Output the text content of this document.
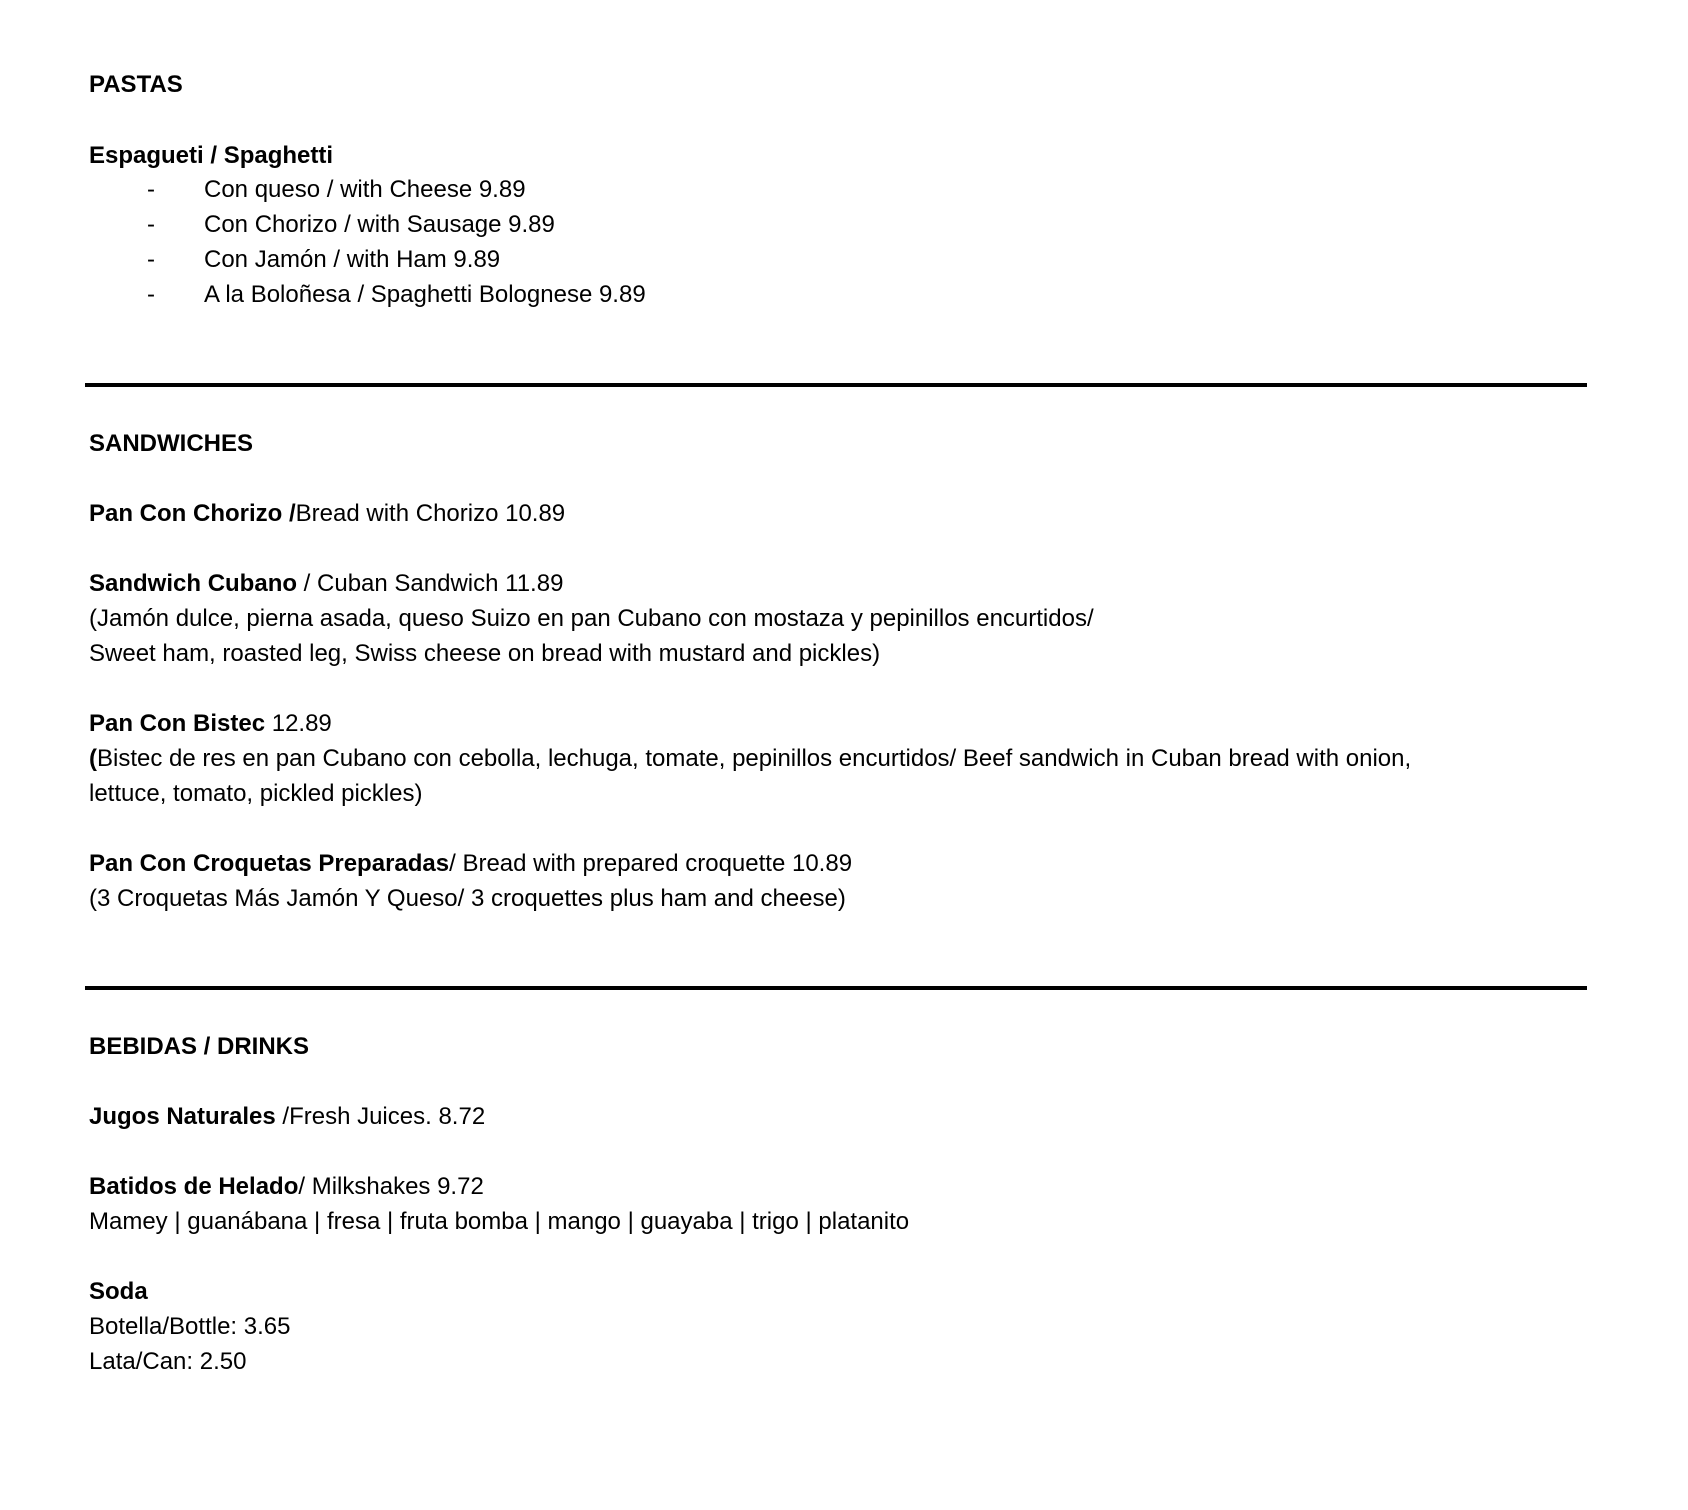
PASTAS
Espagueti / Spaghetti
- Con queso / with Cheese 9.89
- Con Chorizo / with Sausage 9.89
- Con Jamón / with Ham 9.89
- A la Boloñesa / Spaghetti Bolognese 9.89
SANDWICHES
Pan Con Chorizo /Bread with Chorizo 10.89
Sandwich Cubano / Cuban Sandwich 11.89
(Jamón dulce, pierna asada, queso Suizo en pan Cubano con mostaza y pepinillos encurtidos/
Sweet ham, roasted leg, Swiss cheese on bread with mustard and pickles)
Pan Con Bistec 12.89
(Bistec de res en pan Cubano con cebolla, lechuga, tomate, pepinillos encurtidos/ Beef sandwich in Cuban bread with onion,
lettuce, tomato, pickled pickles)
Pan Con Croquetas Preparadas/ Bread with prepared croquette 10.89
(3 Croquetas Más Jamón Y Queso/ 3 croquettes plus ham and cheese)
BEBIDAS / DRINKS
Jugos Naturales /Fresh Juices. 8.72
Batidos de Helado/ Milkshakes 9.72
Mamey | guanábana | fresa | fruta bomba | mango | guayaba | trigo | platanito
Soda
Botella/Bottle: 3.65
Lata/Can: 2.50
